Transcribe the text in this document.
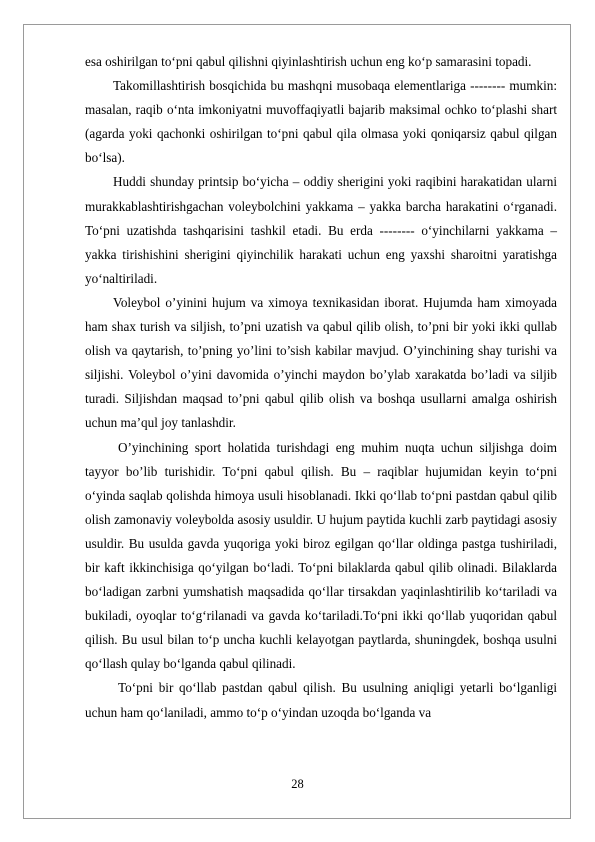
esa oshirilgan to‘pni qabul qilishni qiyinlashtirish uchun eng ko‘p samarasini topadi.

Takomillashtirish bosqichida bu mashqni musobaqa elementlariga -------- mumkin: masalan, raqib o‘nta imkoniyatni muvoffaqiyatli bajarib maksimal ochko to‘plashi shart (agarda yoki qachonki oshirilgan to‘pni qabul qila olmasa yoki qoniqarsiz qabul qilgan bo‘lsa).

Huddi shunday printsip bo‘yicha – oddiy sherigini yoki raqibini harakatidan ularni murakkablashtirishgachan voleybolchini yakkama – yakka barcha harakatini o‘rganadi. To‘pni uzatishda tashqarisini tashkil etadi. Bu erda -------- o‘yinchilarni yakkama – yakka tirishishini sherigini qiyinchilik harakati uchun eng yaxshi sharoitni yaratishga yo‘naltiriladi.

Voleybol o’yinini hujum va ximoya texnikasidan iborat. Hujumda ham ximoyada ham shax turish va siljish, to’pni uzatish va qabul qilib olish, to’pni bir yoki ikki qullab olish va qaytarish, to’pning yo’lini to’sish kabilar mavjud. O’yinchining shay turishi va siljishi. Voleybol o’yini davomida o’yinchi maydon bo’ylab xarakatda bo’ladi va siljib turadi. Siljishdan maqsad to’pni qabul qilib olish va boshqa usullarni amalga oshirish uchun ma’qul joy tanlashdir.

O’yinchining sport holatida turishdagi eng muhim nuqta uchun siljishga doim tayyor bo’lib turishidir. To‘pni qabul qilish. Bu – raqiblar hujumidan keyin to‘pni o‘yinda saqlab qolishda himoya usuli hisoblanadi. Ikki qo‘llab to‘pni pastdan qabul qilib olish zamonaviy voleybolda asosiy usuldir. U hujum paytida kuchli zarb paytidagi asosiy usuldir. Bu usulda gavda yuqoriga yoki biroz egilgan qo‘llar oldinga pastga tushiriladi, bir kaft ikkinchisiga qo‘yilgan bo‘ladi. To‘pni bilaklarda qabul qilib olinadi. Bilaklarda bo‘ladigan zarbni yumshatish maqsadida qo‘llar tirsakdan yaqinlashtirilib ko‘tariladi va bukiladi, oyoqlar to‘g‘rilanadi va gavda ko‘tariladi.To‘pni ikki qo‘llab yuqoridan qabul qilish. Bu usul bilan to‘p uncha kuchli kelayotgan paytlarda, shuningdek, boshqa usulni qo‘llash qulay bo‘lganda qabul qilinadi.

To‘pni bir qo‘llab pastdan qabul qilish. Bu usulning aniqligi yetarli bo‘lganligi uchun ham qo‘laniladi, ammo to‘p o‘yindan uzoqda bo‘lganda va

28
